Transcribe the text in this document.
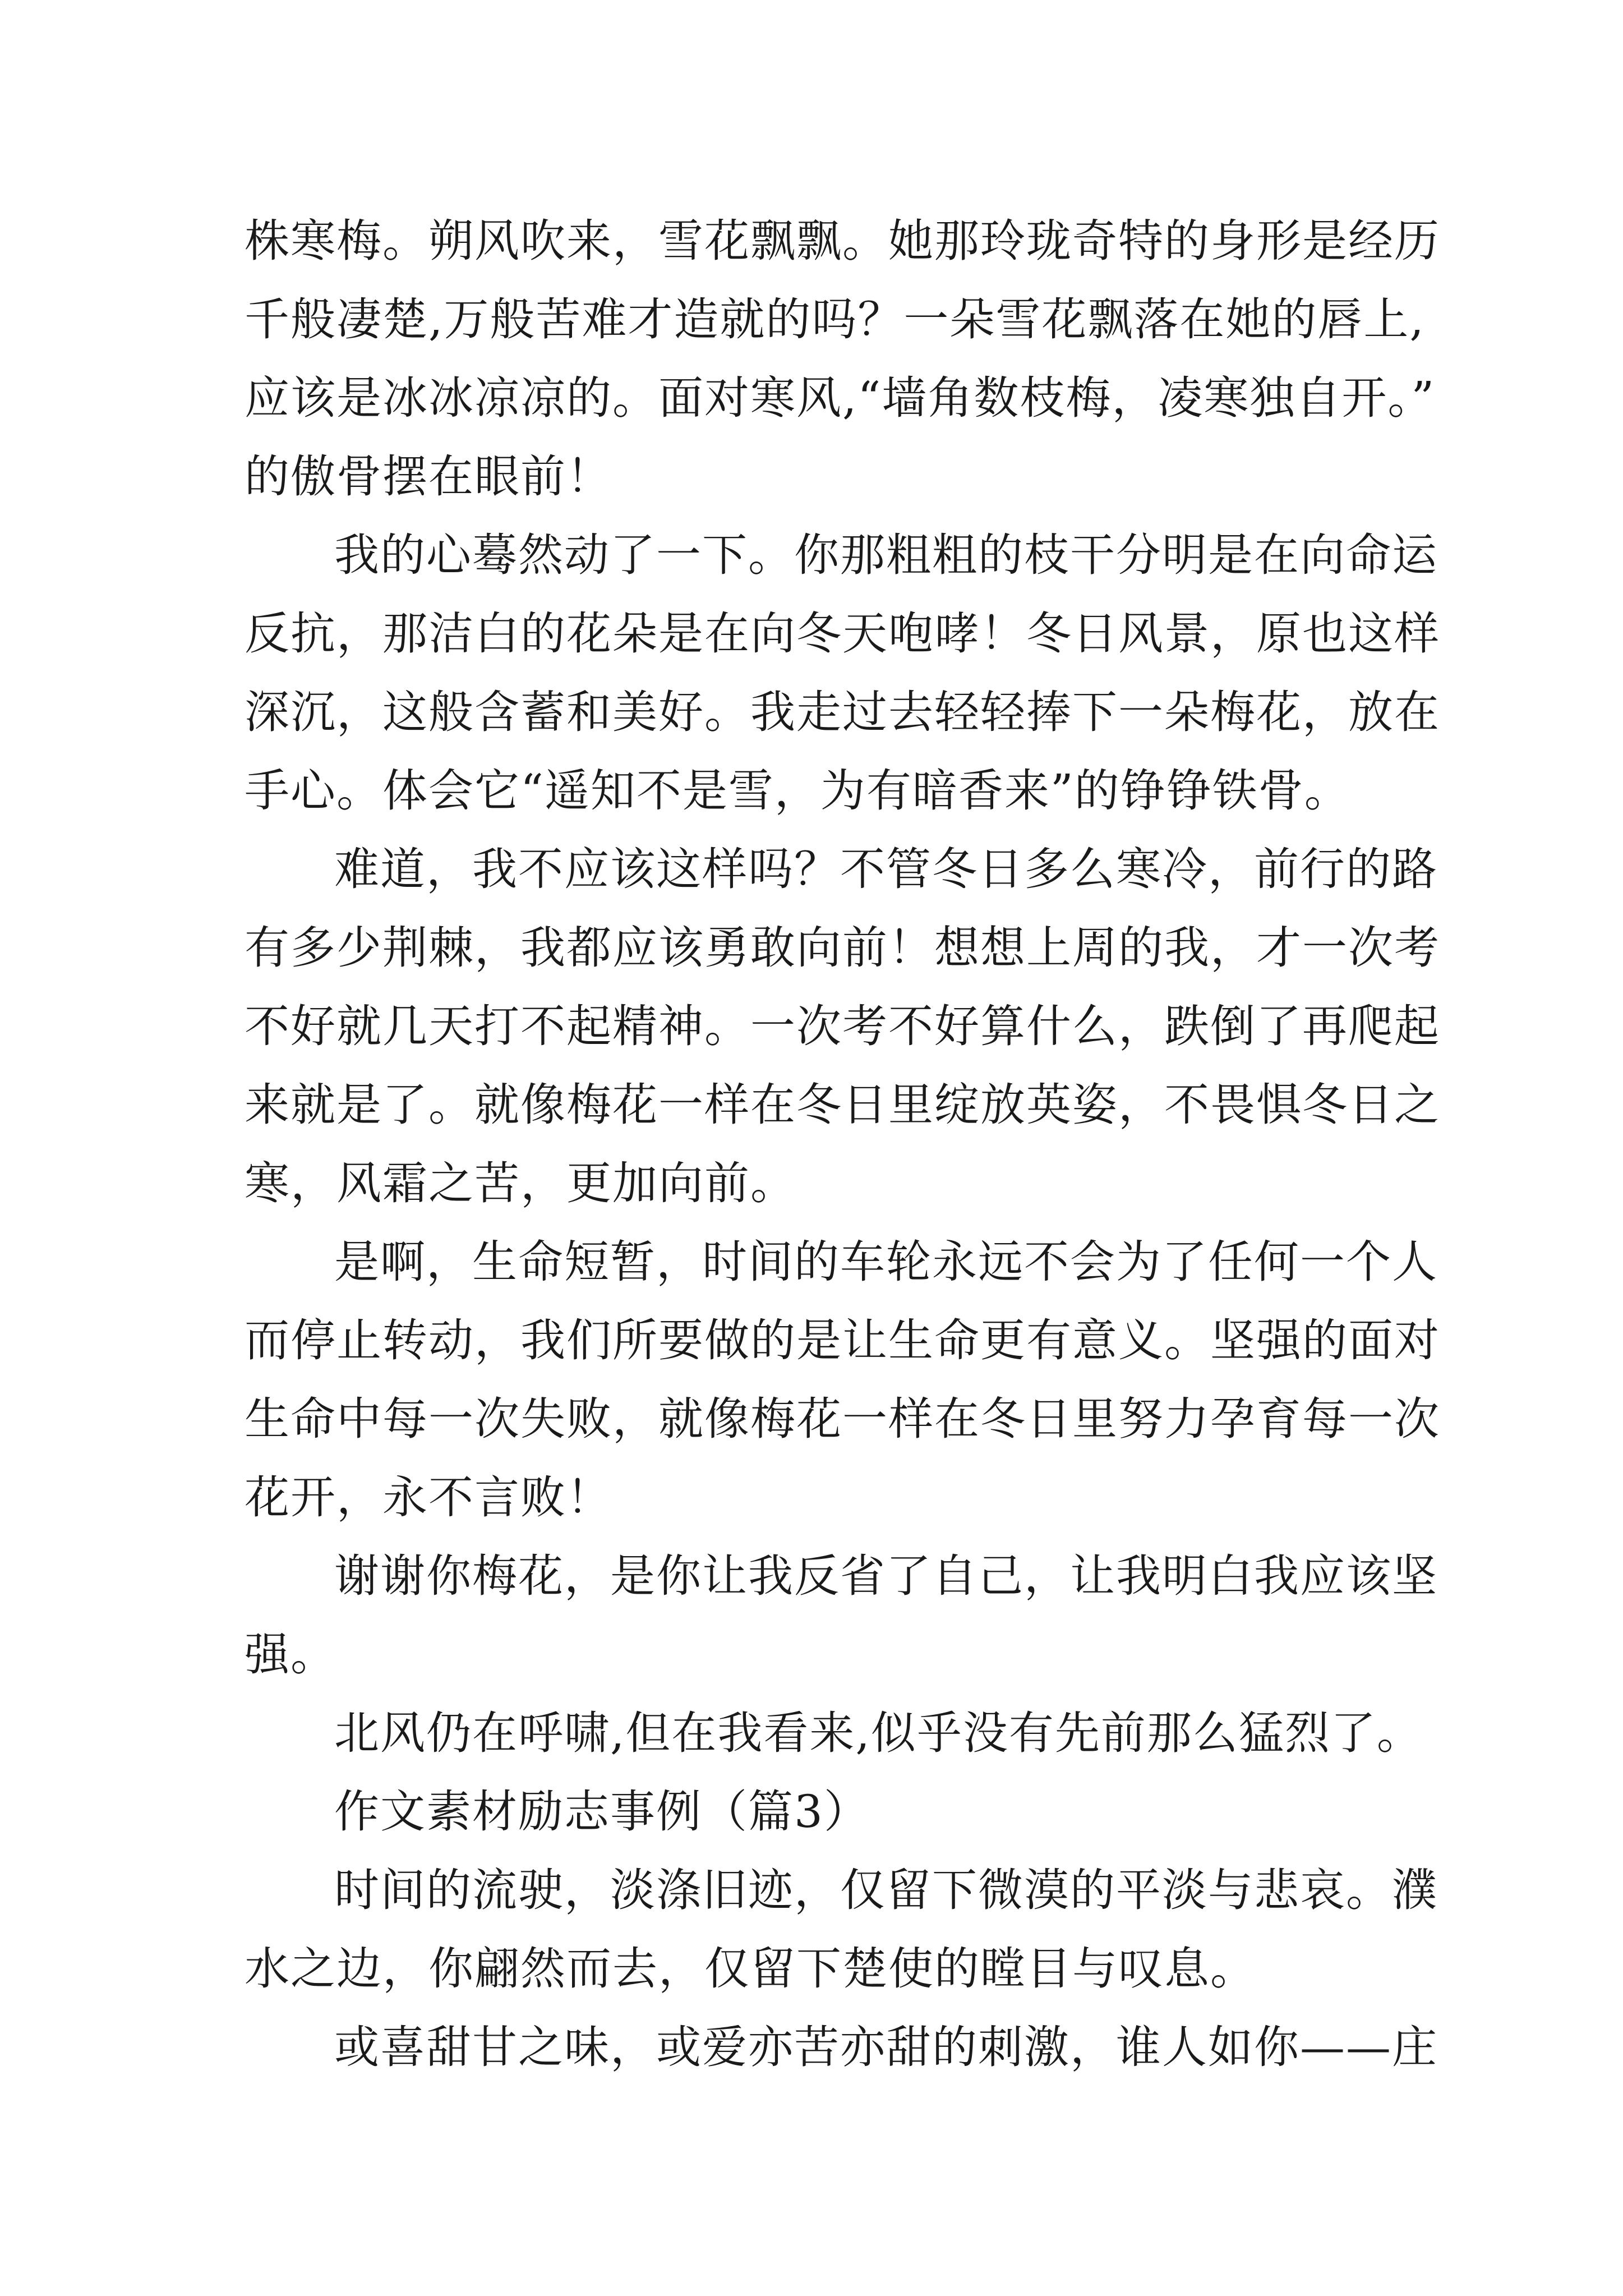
株寒梅。朔风吹来，雪花飘飘。她那玲珑奇特的身形是经历
千般凄楚,万般苦难才造就的吗？一朵雪花飘落在她的唇上,
应该是冰冰凉凉的。面对寒风,“墙角数枝梅，凌寒独自开。”
的傲骨摆在眼前！
我的心蓦然动了一下。你那粗粗的枝干分明是在向命运
反抗，那洁白的花朵是在向冬天咆哮！冬日风景，原也这样
深沉，这般含蓄和美好。我走过去轻轻捧下一朵梅花，放在
手心。体会它“遥知不是雪，为有暗香来”的铮铮铁骨。
难道，我不应该这样吗？不管冬日多么寒冷，前行的路
有多少荆棘，我都应该勇敢向前！想想上周的我，才一次考
不好就几天打不起精神。一次考不好算什么，跌倒了再爬起
来就是了。就像梅花一样在冬日里绽放英姿，不畏惧冬日之
寒，风霜之苦，更加向前。
是啊，生命短暂，时间的车轮永远不会为了任何一个人
而停止转动，我们所要做的是让生命更有意义。坚强的面对
生命中每一次失败，就像梅花一样在冬日里努力孕育每一次
花开，永不言败！
谢谢你梅花，是你让我反省了自己，让我明白我应该坚
强。
北风仍在呼啸,但在我看来,似乎没有先前那么猛烈了。
作文素材励志事例（篇3）
时间的流驶，淡涤旧迹，仅留下微漠的平淡与悲哀。濮
水之边，你翩然而去，仅留下楚使的瞠目与叹息。
或喜甜甘之味，或爱亦苦亦甜的刺激，谁人如你——庄
